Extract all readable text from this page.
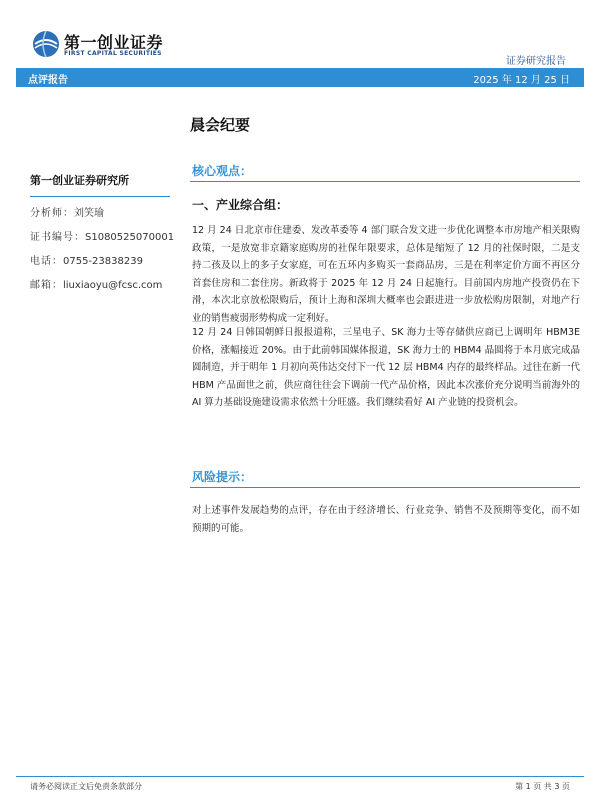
第一创业证券
FIRST CAPITAL SECURITIES
证券研究报告
点评报告	2025 年 12 月 25 日
晨会纪要
第一创业证券研究所
分析师：刘笑瑜
证书编号：S1080525070001
电话：0755-23838239
邮箱：liuxiaoyu@fcsc.com
核心观点：
一、产业综合组：
12 月 24 日北京市住建委、发改革委等 4 部门联合发文进一步优化调整本市房地产相关限购政策，一是放宽非京籍家庭购房的社保年限要求，总体是缩短了 12 月的社保时限，二是支持二孩及以上的多子女家庭，可在五环内多购买一套商品房，三是在利率定价方面不再区分首套住房和二套住房。新政将于 2025 年 12 月 24 日起施行。目前国内房地产投资仍在下滑，本次北京放松限购后，预计上海和深圳大概率也会跟进进一步放松购房限制，对地产行业的销售疲弱形势构成一定利好。
12 月 24 日韩国朝鲜日报报道称，三星电子、SK 海力士等存储供应商已上调明年 HBM3E 价格，涨幅接近 20%。由于此前韩国媒体报道，SK 海力士的 HBM4 晶圆将于本月底完成晶圆制造，并于明年 1 月初向英伟达交付下一代 12 层 HBM4 内存的最终样品。过往在新一代 HBM 产品面世之前，供应商往往会下调前一代产品价格，因此本次涨价充分说明当前海外的 AI 算力基础设施建设需求依然十分旺盛。我们继续看好 AI 产业链的投资机会。
风险提示：
对上述事件发展趋势的点评，存在由于经济增长、行业竞争、销售不及预期等变化，而不如预期的可能。
请务必阅读正文后免责条款部分	第 1 页 共 3 页
